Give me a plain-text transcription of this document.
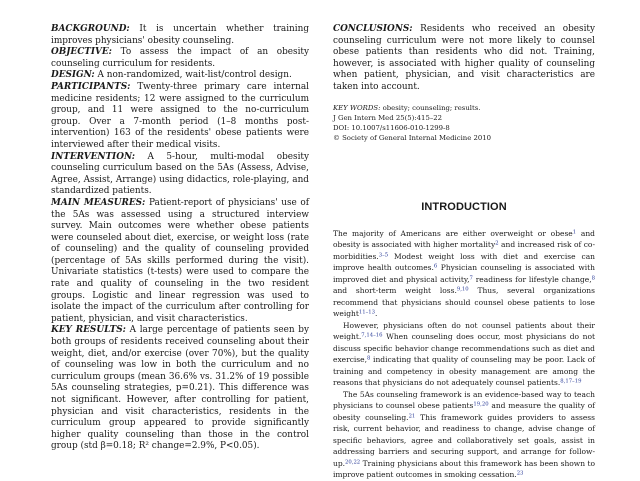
BACKGROUND: It is uncertain whether training improves physicians' obesity counseling.

OBJECTIVE: To assess the impact of an obesity counseling curriculum for residents.

DESIGN: A non-randomized, wait-list/control design.

PARTICIPANTS: Twenty-three primary care internal medicine residents; 12 were assigned to the curriculum group, and 11 were assigned to the no-curriculum group. Over a 7-month period (1–8 months post-intervention) 163 of the residents' obese patients were interviewed after their medical visits.

INTERVENTION: A 5-hour, multi-modal obesity counseling curriculum based on the 5As (Assess, Advise, Agree, Assist, Arrange) using didactics, role-playing, and standardized patients.

MAIN MEASURES: Patient-report of physicians' use of the 5As was assessed using a structured interview survey. Main outcomes were whether obese patients were counseled about diet, exercise, or weight loss (rate of counseling) and the quality of counseling provided (percentage of 5As skills performed during the visit). Univariate statistics (t-tests) were used to compare the rate and quality of counseling in the two resident groups. Logistic and linear regression was used to isolate the impact of the curriculum after controlling for patient, physician, and visit characteristics.

KEY RESULTS: A large percentage of patients seen by both groups of residents received counseling about their weight, diet, and/or exercise (over 70%), but the quality of counseling was low in both the curriculum and no curriculum groups (mean 36.6% vs. 31.2% of 19 possible 5As counseling strategies, p=0.21). This difference was not significant. However, after controlling for patient, physician and visit characteristics, residents in the curriculum group appeared to provide significantly higher quality counseling than those in the control group (std β=0.18; R² change=2.9%, P<0.05).

CONCLUSIONS: Residents who received an obesity counseling curriculum were not more likely to counsel obese patients than residents who did not. Training, however, is associated with higher quality of counseling when patient, physician, and visit characteristics are taken into account.

KEY WORDS: obesity; counseling; results.
J Gen Intern Med 25(5):415–22
DOI: 10.1007/s11606-010-1299-8
© Society of General Internal Medicine 2010
INTRODUCTION

The majority of Americans are either overweight or obese$^1$ and obesity is associated with higher mortality$^2$ and increased risk of co-morbidities.$^{3-5}$ Modest weight loss with diet and exercise can improve health outcomes.$^6$ Physician counseling is associated with improved diet and physical activity,$^7$ readiness for lifestyle change,$^8$ and short-term weight loss.$^{9,10}$ Thus, several organizations recommend that physicians should counsel obese patients to lose weight$^{11-13}$.

However, physicians often do not counsel patients about their weight.$^{7,14-16}$ When counseling does occur, most physicians do not discuss specific behavior change recommendations such as diet and exercise,$^8$ indicating that quality of counseling may be poor. Lack of training and competency in obesity management are among the reasons that physicians do not adequately counsel patients.$^{8,17-19}$

The 5As counseling framework is an evidence-based way to teach physicians to counsel obese patients$^{19,20}$ and measure the quality of obesity counseling.$^{21}$ This framework guides providers to assess risk, current behavior, and readiness to change, advise change of specific behaviors, agree and collaboratively set goals, assist in addressing barriers and securing support, and arrange for follow-up.$^{20,22}$ Training physicians about this framework has been shown to improve patient outcomes in smoking cessation.$^{23}$
